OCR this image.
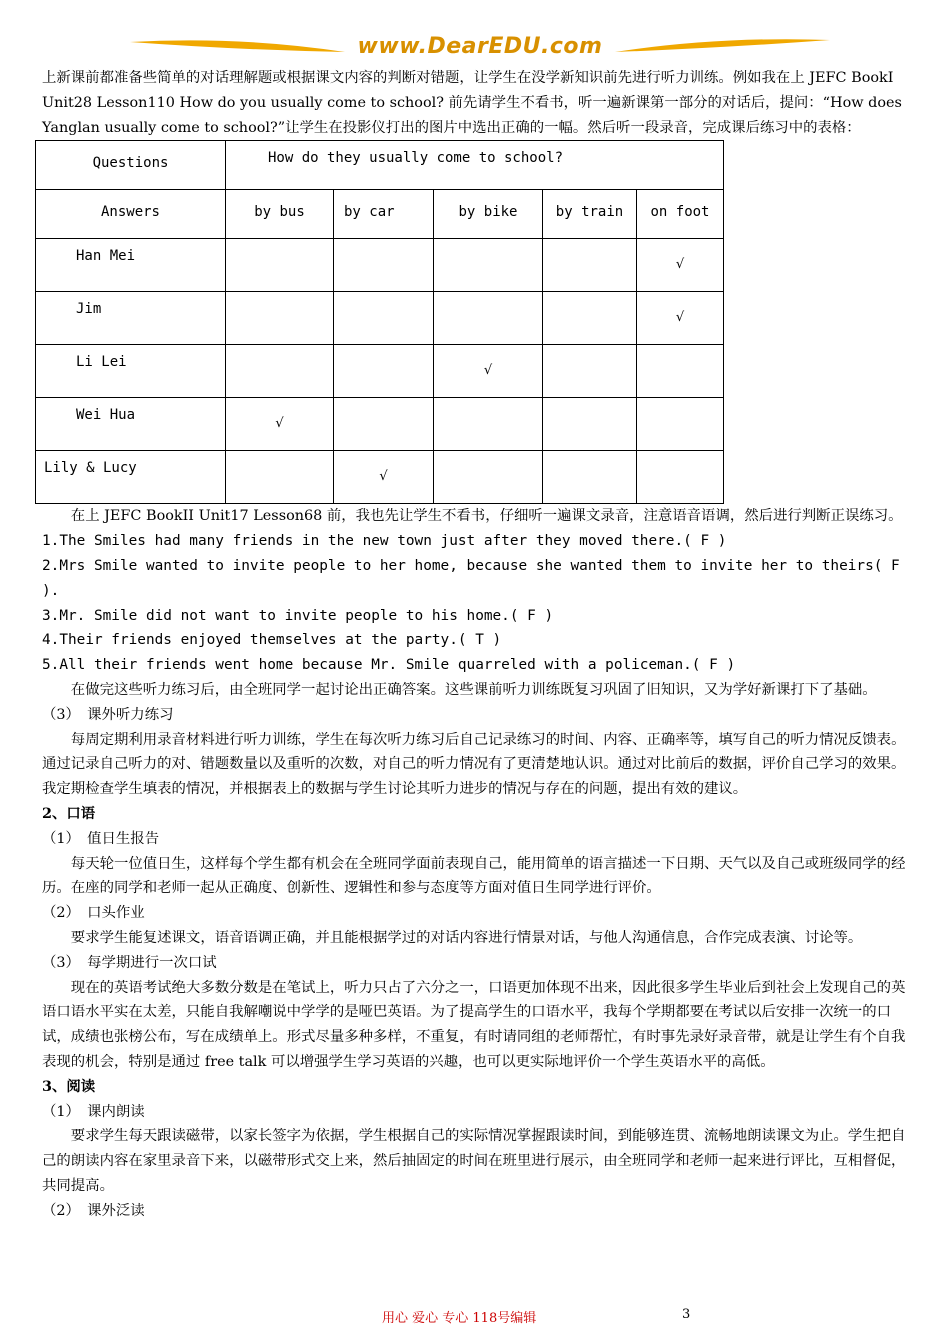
www.DearEDU.com

上新课前都准备些简单的对话理解题或根据课文内容的判断对错题，让学生在没学新知识前先进行听力训练。例如我在上 JEFC BookI Unit28 Lesson110 How do you usually come to school? 前先请学生不看书，听一遍新课第一部分的对话后，提问：“How does Yanglan usually come to school?”让学生在投影仪打出的图片中选出正确的一幅。然后听一段录音，完成课后练习中的表格：

Questions	How do they usually come to school?				
Answers	by bus	by car	by bike	by train	on foot
Han Mei					√
Jim					√
Li Lei			√		
Wei Hua	√				
Lily & Lucy		√			

在上 JEFC BookII Unit17 Lesson68 前，我也先让学生不看书，仔细听一遍课文录音，注意语音语调，然后进行判断正误练习。

1.The Smiles had many friends in the new town just after they moved there.( F )

2.Mrs Smile wanted to invite people to her home, because she wanted them to invite her to theirs( F ).

3.Mr. Smile did not want to invite people to his home.( F )

4.Their friends enjoyed themselves at the party.( T )

5.All their friends went home because Mr. Smile quarreled with a policeman.( F )

在做完这些听力练习后，由全班同学一起讨论出正确答案。这些课前听力训练既复习巩固了旧知识，又为学好新课打下了基础。

（3）　课外听力练习

每周定期利用录音材料进行听力训练，学生在每次听力练习后自己记录练习的时间、内容、正确率等，填写自己的听力情况反馈表。通过记录自己听力的对、错题数量以及重听的次数，对自己的听力情况有了更清楚地认识。通过对比前后的数据，评价自己学习的效果。我定期检查学生填表的情况，并根据表上的数据与学生讨论其听力进步的情况与存在的问题，提出有效的建议。

2、口语

（1）　值日生报告

每天轮一位值日生，这样每个学生都有机会在全班同学面前表现自己，能用简单的语言描述一下日期、天气以及自己或班级同学的经历。在座的同学和老师一起从正确度、创新性、逻辑性和参与态度等方面对值日生同学进行评价。

（2）　口头作业

要求学生能复述课文，语音语调正确，并且能根据学过的对话内容进行情景对话，与他人沟通信息，合作完成表演、讨论等。

（3）　每学期进行一次口试

现在的英语考试绝大多数分数是在笔试上，听力只占了六分之一，口语更加体现不出来，因此很多学生毕业后到社会上发现自己的英语口语水平实在太差，只能自我解嘲说中学学的是哑巴英语。为了提高学生的口语水平，我每个学期都要在考试以后安排一次统一的口试，成绩也张榜公布，写在成绩单上。形式尽量多种多样，不重复，有时请同组的老师帮忙，有时事先录好录音带，就是让学生有个自我表现的机会，特别是通过 free talk 可以增强学生学习英语的兴趣，也可以更实际地评价一个学生英语水平的高低。

3、阅读

（1）　课内朗读

要求学生每天跟读磁带，以家长签字为依据，学生根据自己的实际情况掌握跟读时间，到能够连贯、流畅地朗读课文为止。学生把自己的朗读内容在家里录音下来，以磁带形式交上来，然后抽固定的时间在班里进行展示，由全班同学和老师一起来进行评比，互相督促，共同提高。

（2）　课外泛读

用心 爱心 专心 118号编辑	3
